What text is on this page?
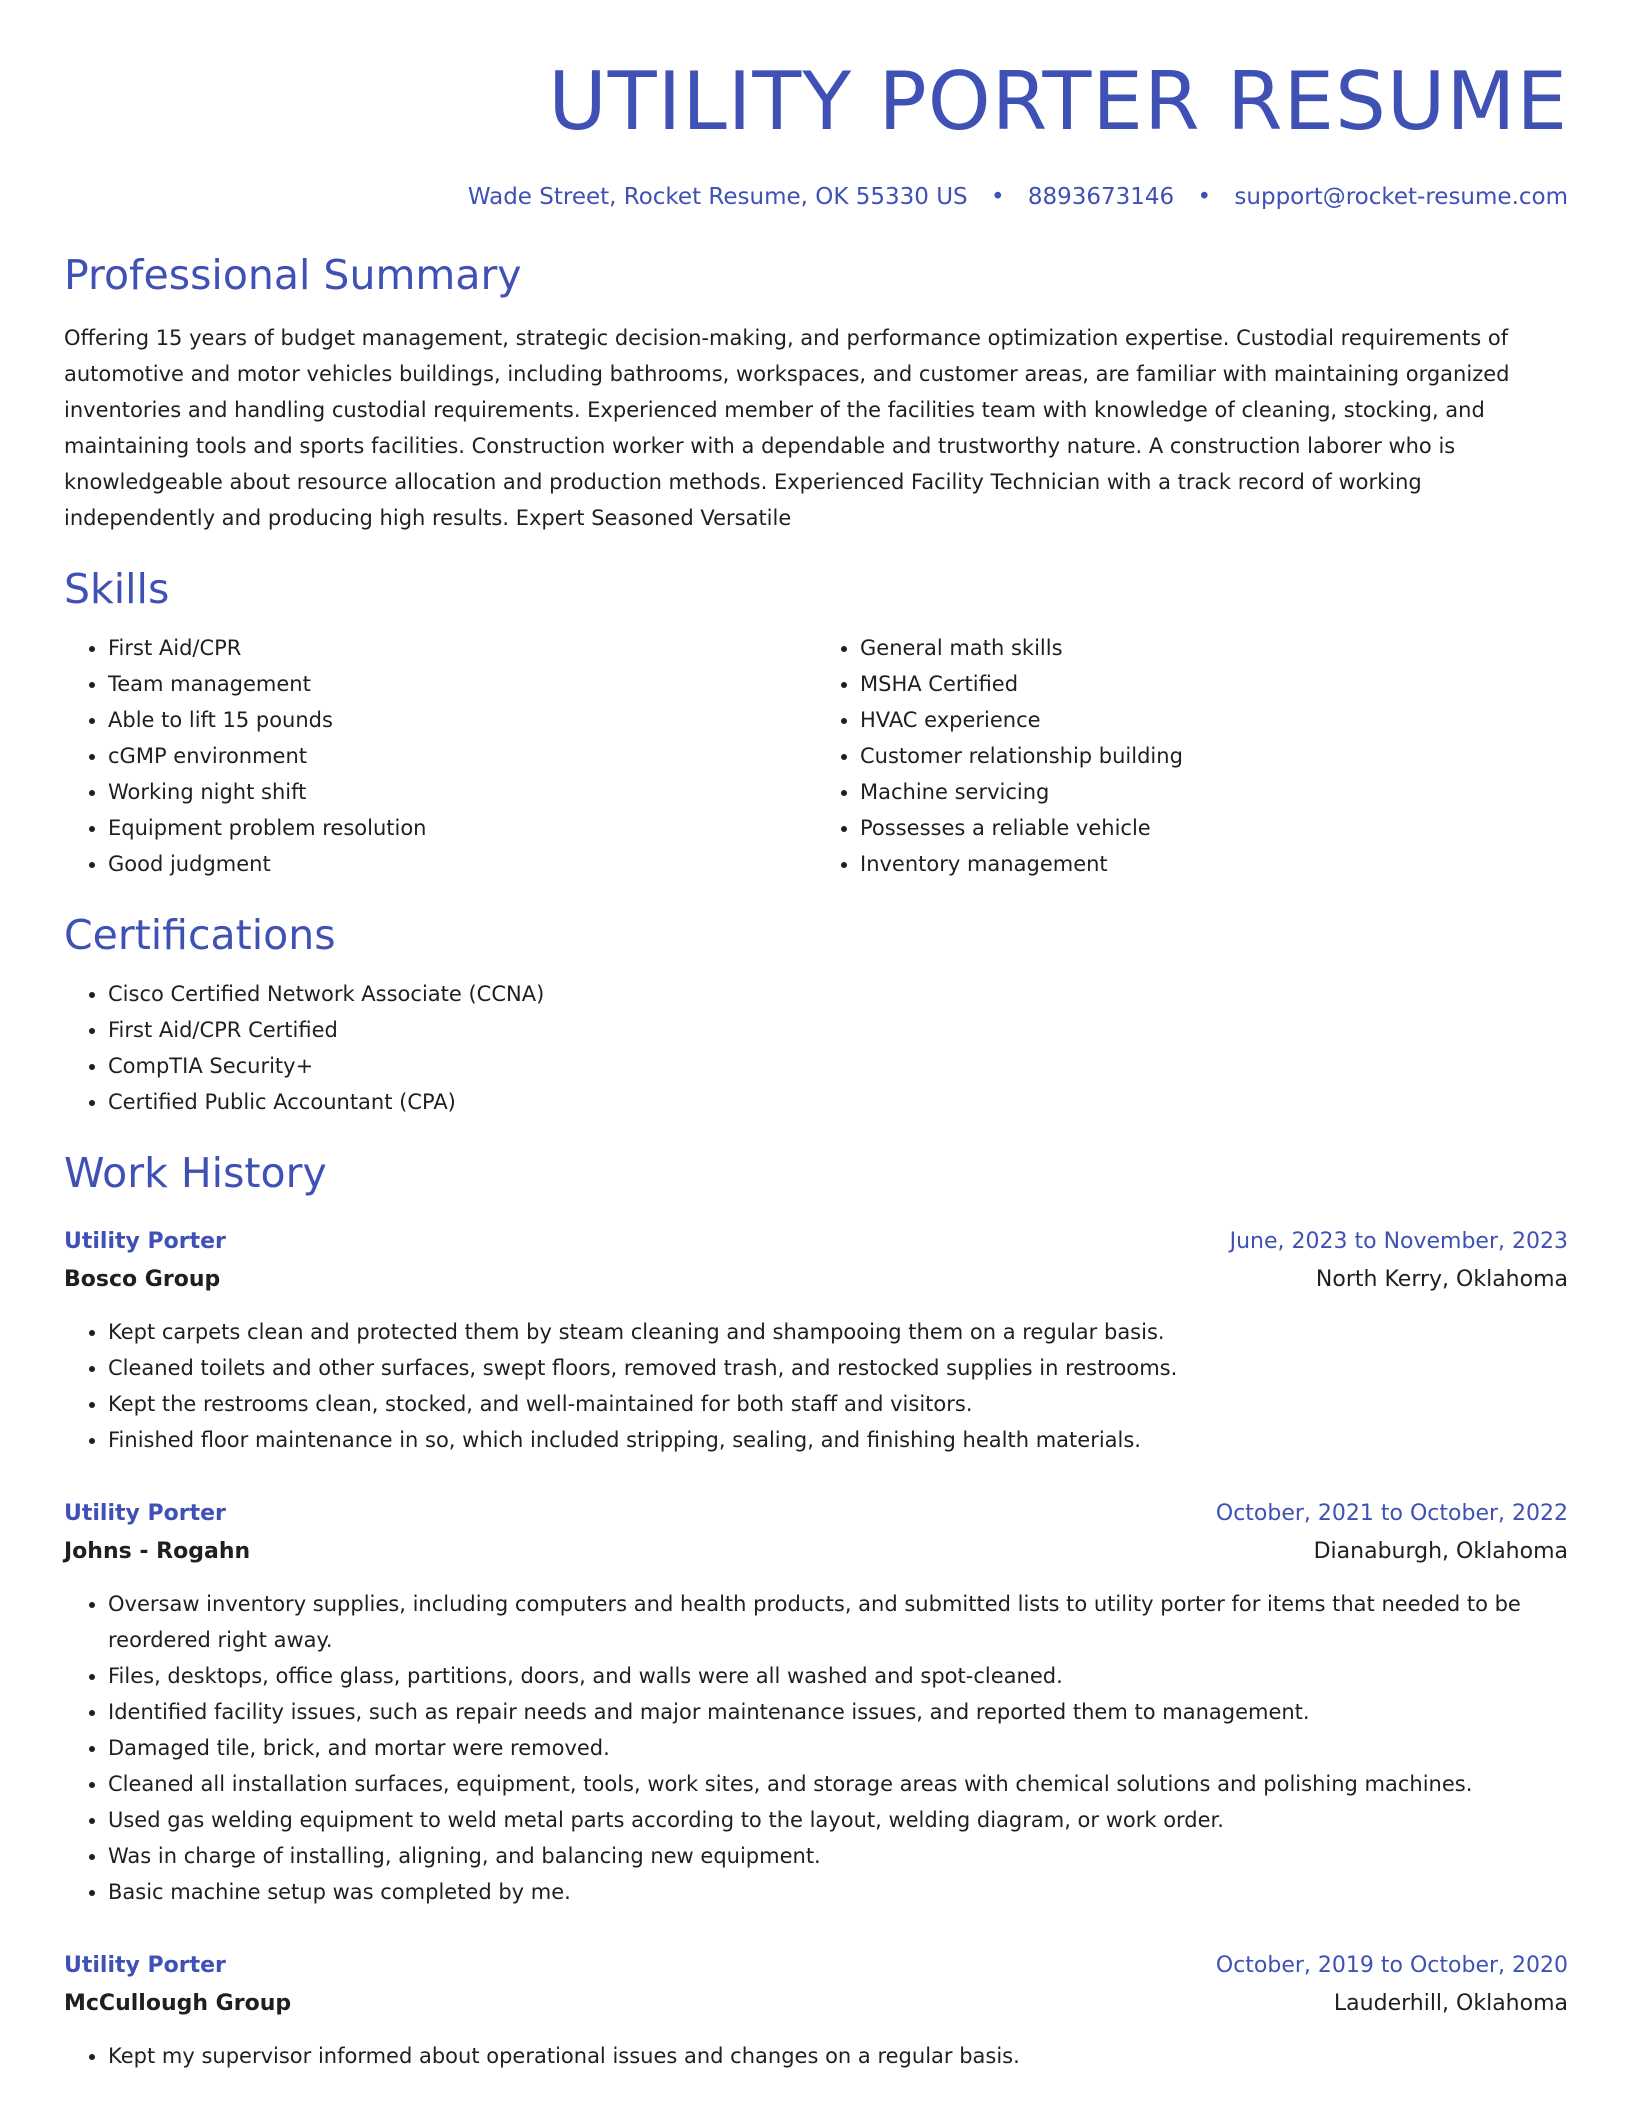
UTILITY PORTER RESUME
Wade Street, Rocket Resume, OK 55330 US • 8893673146 • support@rocket-resume.com
Professional Summary

Offering 15 years of budget management, strategic decision-making, and performance optimization expertise. Custodial requirements of automotive and motor vehicles buildings, including bathrooms, workspaces, and customer areas, are familiar with maintaining organized inventories and handling custodial requirements. Experienced member of the facilities team with knowledge of cleaning, stocking, and maintaining tools and sports facilities. Construction worker with a dependable and trustworthy nature. A construction laborer who is knowledgeable about resource allocation and production methods. Experienced Facility Technician with a track record of working independently and producing high results. Expert Seasoned Versatile

Skills
• First Aid/CPR
• Team management
• Able to lift 15 pounds
• cGMP environment
• Working night shift
• Equipment problem resolution
• Good judgment
• General math skills
• MSHA Certified
• HVAC experience
• Customer relationship building
• Machine servicing
• Possesses a reliable vehicle
• Inventory management
Certifications
• Cisco Certified Network Associate (CCNA)
• First Aid/CPR Certified
• CompTIA Security+
• Certified Public Accountant (CPA)
Work History
Utility Porter	June, 2023 to November, 2023
Bosco Group	North Kerry, Oklahoma
• Kept carpets clean and protected them by steam cleaning and shampooing them on a regular basis.
• Cleaned toilets and other surfaces, swept floors, removed trash, and restocked supplies in restrooms.
• Kept the restrooms clean, stocked, and well-maintained for both staff and visitors.
• Finished floor maintenance in so, which included stripping, sealing, and finishing health materials.
Utility Porter	October, 2021 to October, 2022
Johns - Rogahn	Dianaburgh, Oklahoma
• Oversaw inventory supplies, including computers and health products, and submitted lists to utility porter for items that needed to be reordered right away.
• Files, desktops, office glass, partitions, doors, and walls were all washed and spot-cleaned.
• Identified facility issues, such as repair needs and major maintenance issues, and reported them to management.
• Damaged tile, brick, and mortar were removed.
• Cleaned all installation surfaces, equipment, tools, work sites, and storage areas with chemical solutions and polishing machines.
• Used gas welding equipment to weld metal parts according to the layout, welding diagram, or work order.
• Was in charge of installing, aligning, and balancing new equipment.
• Basic machine setup was completed by me.
Utility Porter	October, 2019 to October, 2020
McCullough Group	Lauderhill, Oklahoma
• Kept my supervisor informed about operational issues and changes on a regular basis.
